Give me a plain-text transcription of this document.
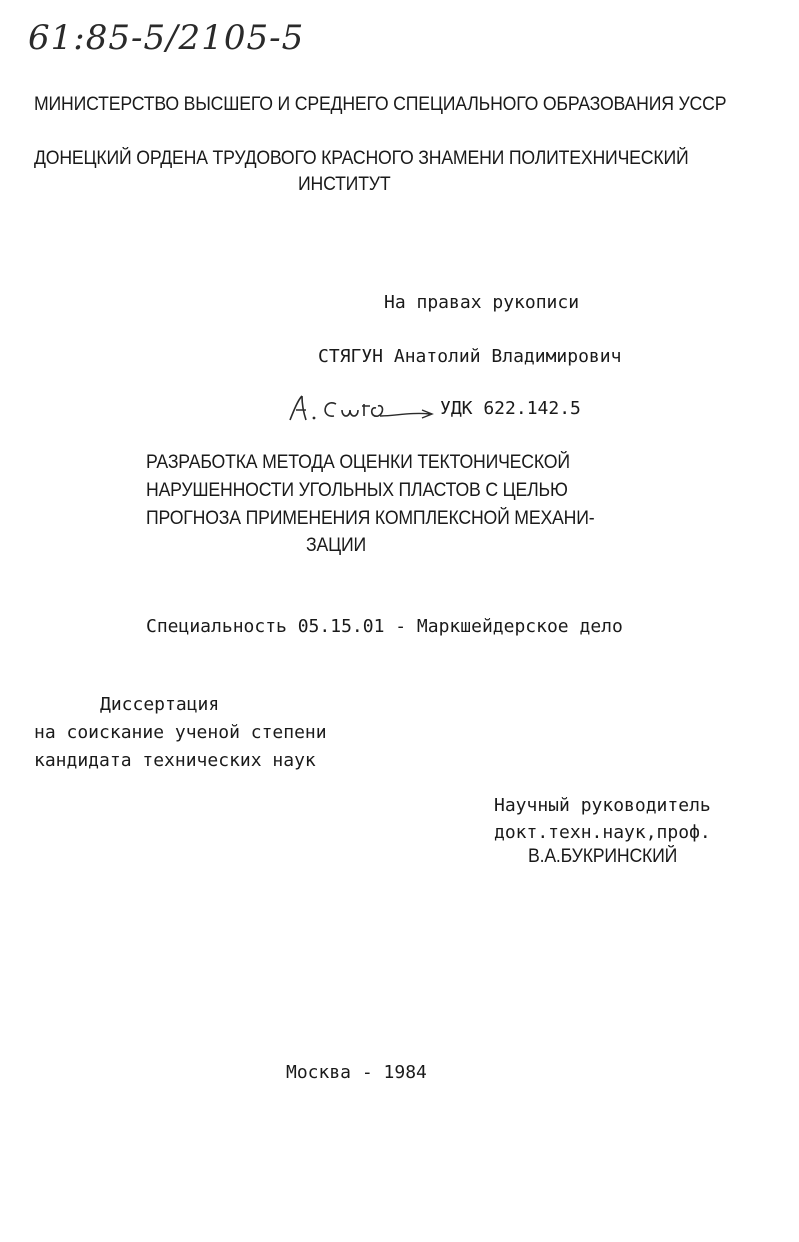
61:85-5/2105-5
МИНИСТЕРСТВО ВЫСШЕГО И СРЕДНЕГО СПЕЦИАЛЬНОГО ОБРАЗОВАНИЯ УССР
ДОНЕЦКИЙ ОРДЕНА ТРУДОВОГО КРАСНОГО ЗНАМЕНИ ПОЛИТЕХНИЧЕСКИЙ
ИНСТИТУТ
На правах рукописи
СТЯГУН Анатолий Владимирович
УДК 622.142.5
РАЗРАБОТКА МЕТОДА ОЦЕНКИ ТЕКТОНИЧЕСКОЙ
НАРУШЕННОСТИ УГОЛЬНЫХ ПЛАСТОВ С ЦЕЛЬЮ
ПРОГНОЗА ПРИМЕНЕНИЯ КОМПЛЕКСНОЙ МЕХАНИ-
ЗАЦИИ
Специальность 05.15.01 - Маркшейдерское дело
Диссертация
на соискание ученой степени
кандидата технических наук
Научный руководитель
докт.техн.наук,проф.
В.А.БУКРИНСКИЙ
Москва - 1984
